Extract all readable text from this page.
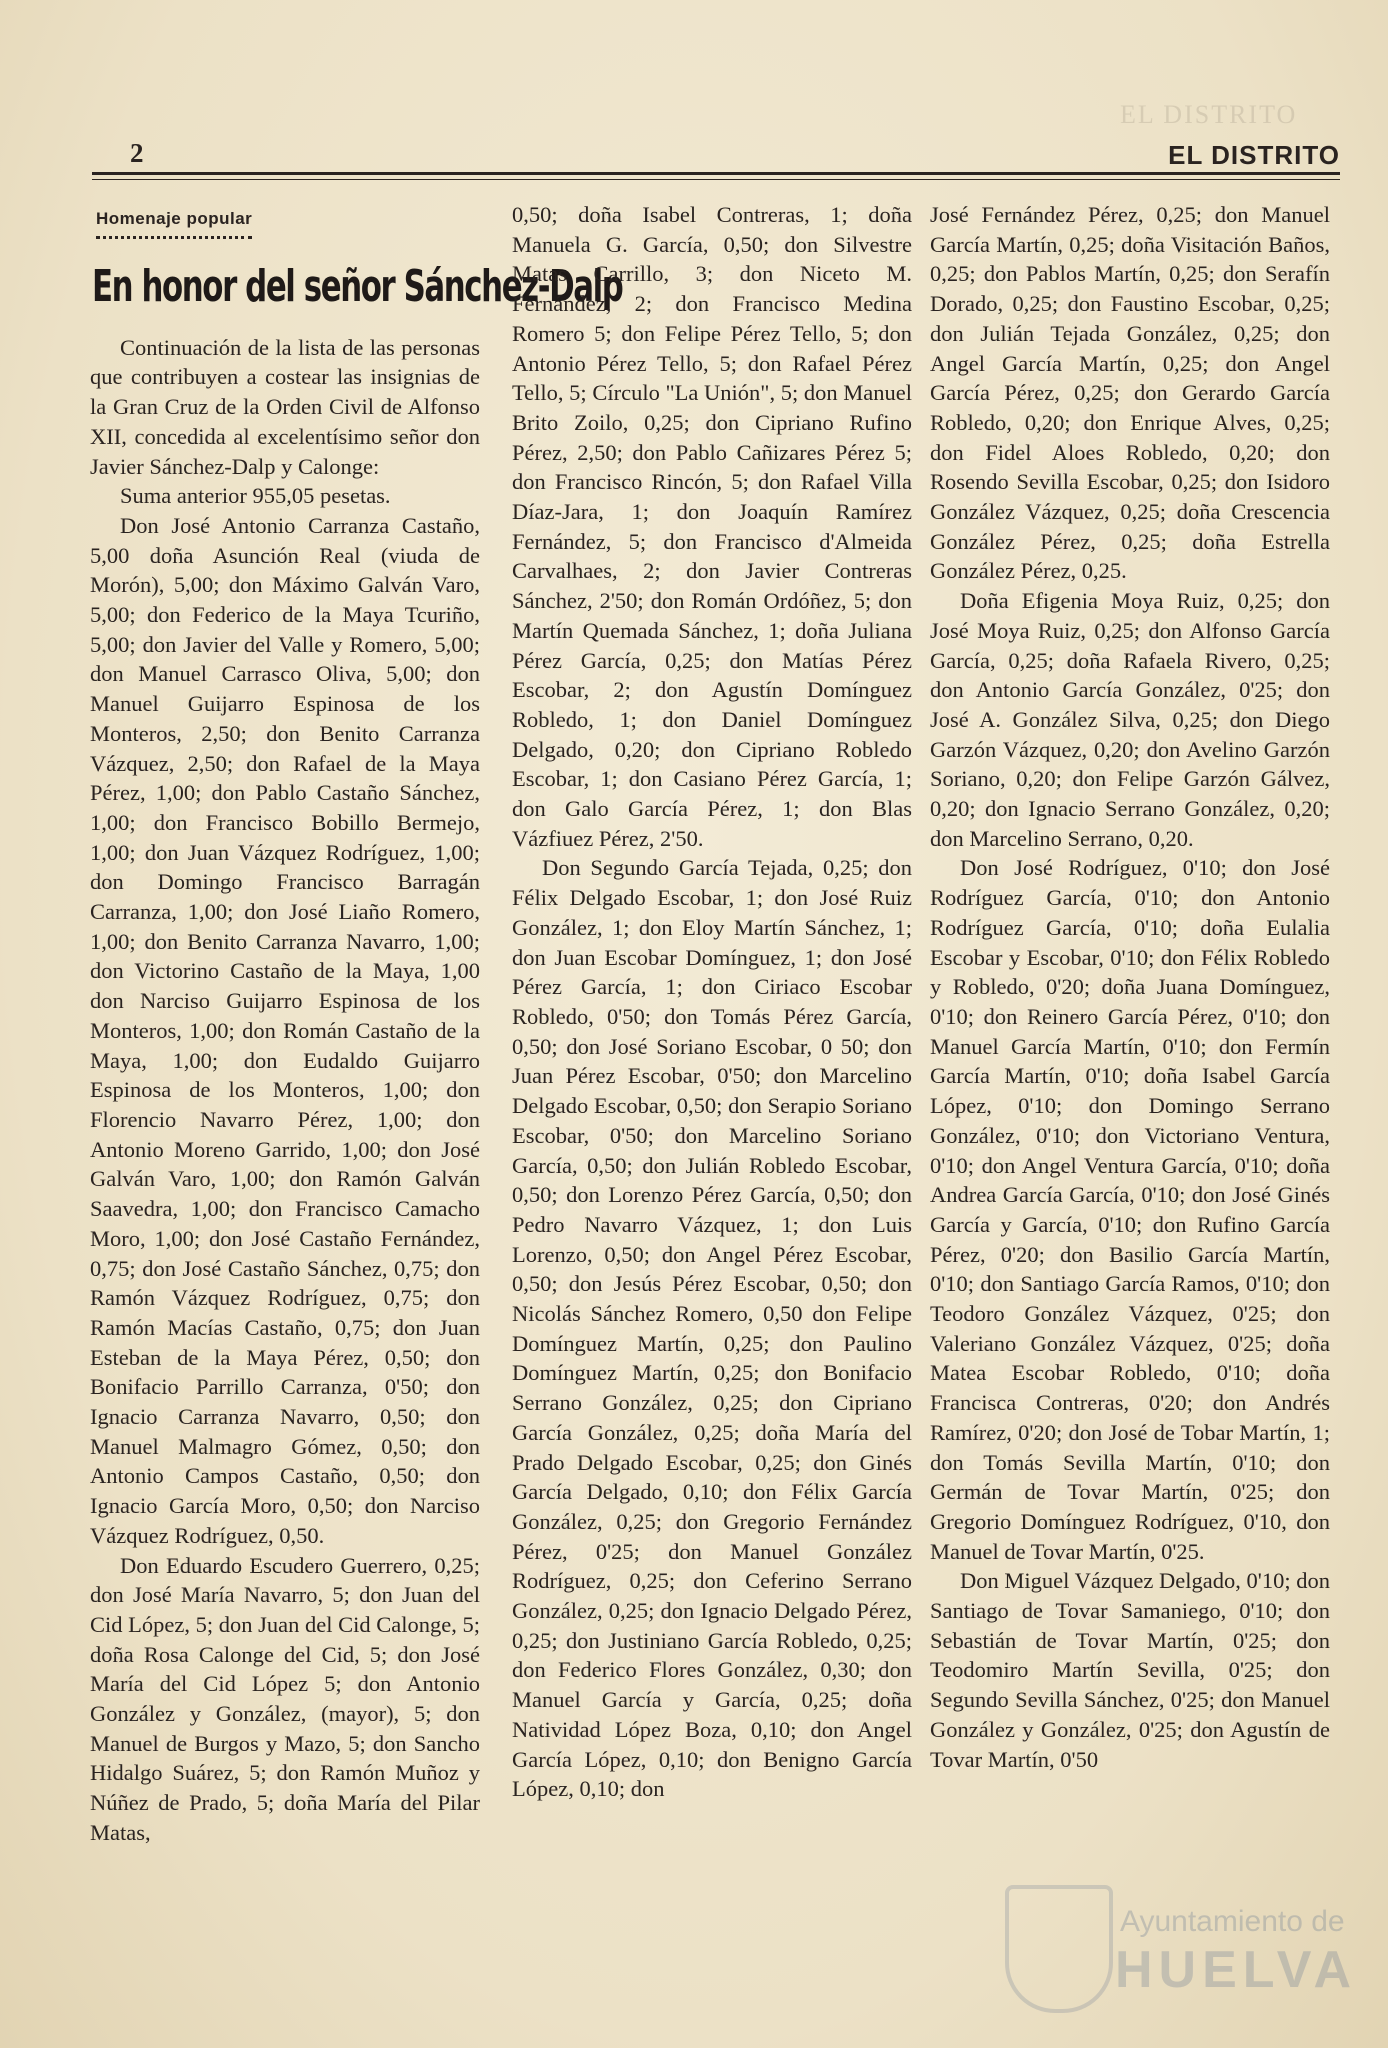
EL DISTRITO
2	EL DISTRITO
Homenaje popular
En honor del señor Sánchez-Dalp

Continuación de la lista de las personas que contribuyen a costear las insignias de la Gran Cruz de la Orden Civil de Alfonso XII, concedida al excelentísimo señor don Javier Sánchez-Dalp y Calonge:

Suma anterior 955,05 pesetas.

Don José Antonio Carranza Castaño, 5,00 doña Asunción Real (viuda de Morón), 5,00; don Máximo Galván Varo, 5,00; don Federico de la Maya Tcuriño, 5,00; don Javier del Valle y Romero, 5,00; don Manuel Carrasco Oliva, 5,00; don Manuel Guijarro Espinosa de los Monteros, 2,50; don Benito Carranza Vázquez, 2,50; don Rafael de la Maya Pérez, 1,00; don Pablo Castaño Sánchez, 1,00; don Francisco Bobillo Bermejo, 1,00; don Juan Vázquez Rodríguez, 1,00; don Domingo Francisco Barragán Carranza, 1,00; don José Liaño Romero, 1,00; don Benito Carranza Navarro, 1,00; don Victorino Castaño de la Maya, 1,00 don Narciso Guijarro Espinosa de los Monteros, 1,00; don Román Castaño de la Maya, 1,00; don Eudaldo Guijarro Espinosa de los Monteros, 1,00; don Florencio Navarro Pérez, 1,00; don Antonio Moreno Garrido, 1,00; don José Galván Varo, 1,00; don Ramón Galván Saavedra, 1,00; don Francisco Camacho Moro, 1,00; don José Castaño Fernández, 0,75; don José Castaño Sánchez, 0,75; don Ramón Vázquez Rodríguez, 0,75; don Ramón Macías Castaño, 0,75; don Juan Esteban de la Maya Pérez, 0,50; don Bonifacio Parrillo Carranza, 0'50; don Ignacio Carranza Navarro, 0,50; don Manuel Malmagro Gómez, 0,50; don Antonio Campos Castaño, 0,50; don Ignacio García Moro, 0,50; don Narciso Vázquez Rodríguez, 0,50.

Don Eduardo Escudero Guerrero, 0,25; don José María Navarro, 5; don Juan del Cid López, 5; don Juan del Cid Calonge, 5; doña Rosa Calonge del Cid, 5; don José María del Cid López 5; don Antonio González y González, (mayor), 5; don Manuel de Burgos y Mazo, 5; don Sancho Hidalgo Suárez, 5; don Ramón Muñoz y Núñez de Prado, 5; doña María del Pilar Matas,

0,50; doña Isabel Contreras, 1; doña Manuela G. García, 0,50; don Silvestre Matas Carrillo, 3; don Niceto M. Fernández, 2; don Francisco Medina Romero 5; don Felipe Pérez Tello, 5; don Antonio Pérez Tello, 5; don Rafael Pérez Tello, 5; Círculo "La Unión", 5; don Manuel Brito Zoilo, 0,25; don Cipriano Rufino Pérez, 2,50; don Pablo Cañizares Pérez 5; don Francisco Rincón, 5; don Rafael Villa Díaz-Jara, 1; don Joaquín Ramírez Fernández, 5; don Francisco d'Almeida Carvalhaes, 2; don Javier Contreras Sánchez, 2'50; don Román Ordóñez, 5; don Martín Quemada Sánchez, 1; doña Juliana Pérez García, 0,25; don Matías Pérez Escobar, 2; don Agustín Domínguez Robledo, 1; don Daniel Domínguez Delgado, 0,20; don Cipriano Robledo Escobar, 1; don Casiano Pérez García, 1; don Galo García Pérez, 1; don Blas Vázfiuez Pérez, 2'50.

Don Segundo García Tejada, 0,25; don Félix Delgado Escobar, 1; don José Ruiz González, 1; don Eloy Martín Sánchez, 1; don Juan Escobar Domínguez, 1; don José Pérez García, 1; don Ciriaco Escobar Robledo, 0'50; don Tomás Pérez García, 0,50; don José Soriano Escobar, 0 50; don Juan Pérez Escobar, 0'50; don Marcelino Delgado Escobar, 0,50; don Serapio Soriano Escobar, 0'50; don Marcelino Soriano García, 0,50; don Julián Robledo Escobar, 0,50; don Lorenzo Pérez García, 0,50; don Pedro Navarro Vázquez, 1; don Luis Lorenzo, 0,50; don Angel Pérez Escobar, 0,50; don Jesús Pérez Escobar, 0,50; don Nicolás Sánchez Romero, 0,50 don Felipe Domínguez Martín, 0,25; don Paulino Domínguez Martín, 0,25; don Bonifacio Serrano González, 0,25; don Cipriano García González, 0,25; doña María del Prado Delgado Escobar, 0,25; don Ginés García Delgado, 0,10; don Félix García González, 0,25; don Gregorio Fernández Pérez, 0'25; don Manuel González Rodríguez, 0,25; don Ceferino Serrano González, 0,25; don Ignacio Delgado Pérez, 0,25; don Justiniano García Robledo, 0,25; don Federico Flores González, 0,30; don Manuel García y García, 0,25; doña Natividad López Boza, 0,10; don Angel García López, 0,10; don Benigno García López, 0,10; don

José Fernández Pérez, 0,25; don Manuel García Martín, 0,25; doña Visitación Baños, 0,25; don Pablos Martín, 0,25; don Serafín Dorado, 0,25; don Faustino Escobar, 0,25; don Julián Tejada González, 0,25; don Angel García Martín, 0,25; don Angel García Pérez, 0,25; don Gerardo García Robledo, 0,20; don Enrique Alves, 0,25; don Fidel Aloes Robledo, 0,20; don Rosendo Sevilla Escobar, 0,25; don Isidoro González Vázquez, 0,25; doña Crescencia González Pérez, 0,25; doña Estrella González Pérez, 0,25.

Doña Efigenia Moya Ruiz, 0,25; don José Moya Ruiz, 0,25; don Alfonso García García, 0,25; doña Rafaela Rivero, 0,25; don Antonio García González, 0'25; don José A. González Silva, 0,25; don Diego Garzón Vázquez, 0,20; don Avelino Garzón Soriano, 0,20; don Felipe Garzón Gálvez, 0,20; don Ignacio Serrano González, 0,20; don Marcelino Serrano, 0,20.

Don José Rodríguez, 0'10; don José Rodríguez García, 0'10; don Antonio Rodríguez García, 0'10; doña Eulalia Escobar y Escobar, 0'10; don Félix Robledo y Robledo, 0'20; doña Juana Domínguez, 0'10; don Reinero García Pérez, 0'10; don Manuel García Martín, 0'10; don Fermín García Martín, 0'10; doña Isabel García López, 0'10; don Domingo Serrano González, 0'10; don Victoriano Ventura, 0'10; don Angel Ventura García, 0'10; doña Andrea García García, 0'10; don José Ginés García y García, 0'10; don Rufino García Pérez, 0'20; don Basilio García Martín, 0'10; don Santiago García Ramos, 0'10; don Teodoro González Vázquez, 0'25; don Valeriano González Vázquez, 0'25; doña Matea Escobar Robledo, 0'10; doña Francisca Contreras, 0'20; don Andrés Ramírez, 0'20; don José de Tobar Martín, 1; don Tomás Sevilla Martín, 0'10; don Germán de Tovar Martín, 0'25; don Gregorio Domínguez Rodríguez, 0'10, don Manuel de Tovar Martín, 0'25.

Don Miguel Vázquez Delgado, 0'10; don Santiago de Tovar Samaniego, 0'10; don Sebastián de Tovar Martín, 0'25; don Teodomiro Martín Sevilla, 0'25; don Segundo Sevilla Sánchez, 0'25; don Manuel González y González, 0'25; don Agustín de Tovar Martín, 0'50

Ayuntamiento de
HUELVA
